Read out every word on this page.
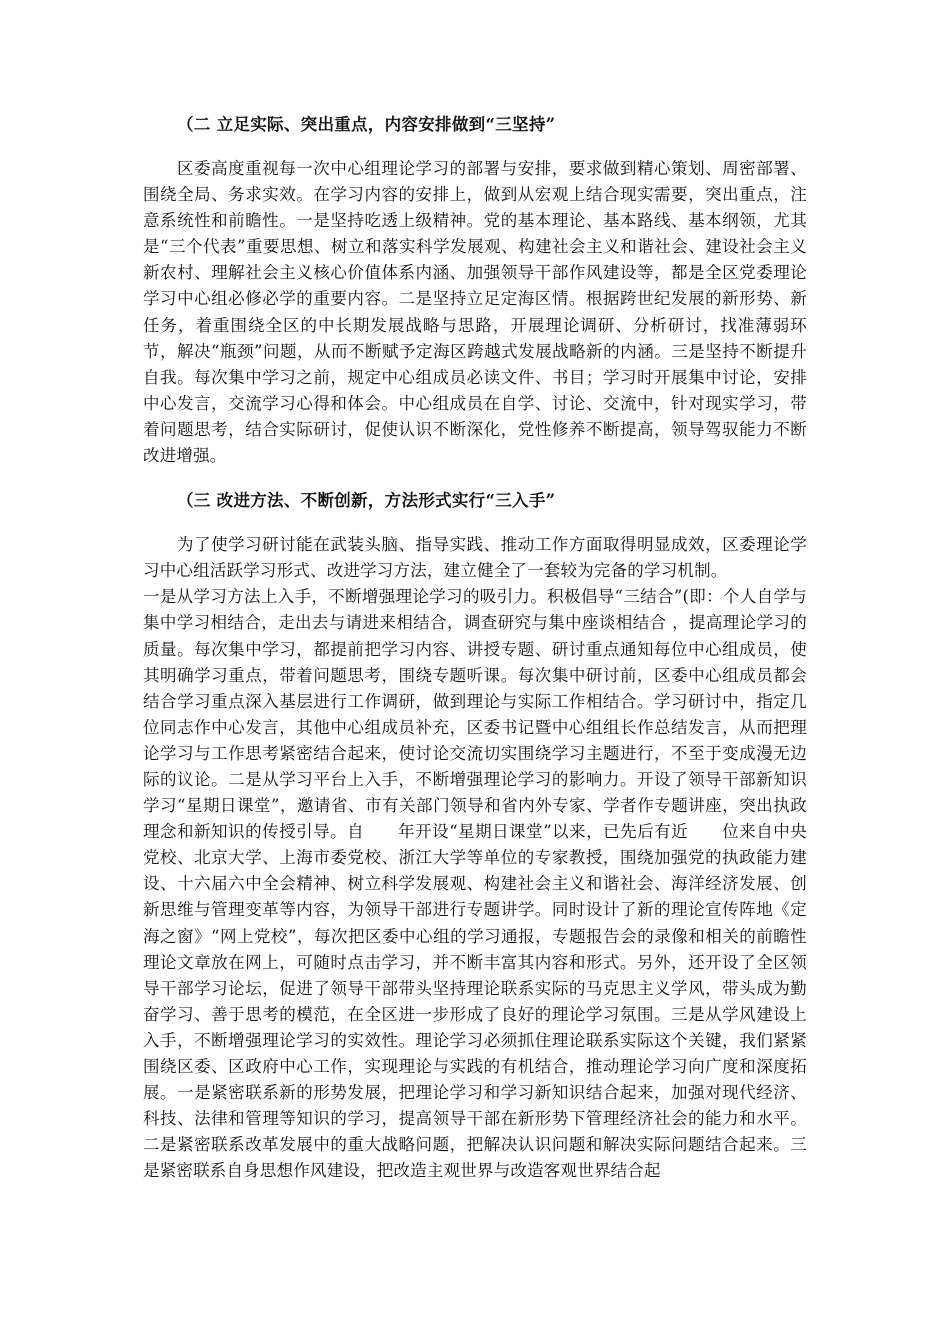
（二 立足实际、突出重点，内容安排做到“三坚持”

区委高度重视每一次中心组理论学习的部署与安排，要求做到精心策划、周密部署、围绕全局、务求实效。在学习内容的安排上，做到从宏观上结合现实需要，突出重点，注意系统性和前瞻性。一是坚持吃透上级精神。党的基本理论、基本路线、基本纲领，尤其是“三个代表”重要思想、树立和落实科学发展观、构建社会主义和谐社会、建设社会主义新农村、理解社会主义核心价值体系内涵、加强领导干部作风建设等，都是全区党委理论学习中心组必修必学的重要内容。二是坚持立足定海区情。根据跨世纪发展的新形势、新任务，着重围绕全区的中长期发展战略与思路，开展理论调研、分析研讨，找准薄弱环节，解决“瓶颈”问题，从而不断赋予定海区跨越式发展战略新的内涵。三是坚持不断提升自我。每次集中学习之前，规定中心组成员必读文件、书目；学习时开展集中讨论，安排中心发言，交流学习心得和体会。中心组成员在自学、讨论、交流中，针对现实学习，带着问题思考，结合实际研讨，促使认识不断深化，党性修养不断提高，领导驾驭能力不断改进增强。

（三 改进方法、不断创新，方法形式实行“三入手”

为了使学习研讨能在武装头脑、指导实践、推动工作方面取得明显成效，区委理论学习中心组活跃学习形式、改进学习方法，建立健全了一套较为完备的学习机制。

一是从学习方法上入手，不断增强理论学习的吸引力。积极倡导“三结合”(即：个人自学与集中学习相结合，走出去与请进来相结合，调查研究与集中座谈相结合 ，提高理论学习的质量。每次集中学习，都提前把学习内容、讲授专题、研讨重点通知每位中心组成员，使其明确学习重点，带着问题思考，围绕专题听课。每次集中研讨前，区委中心组成员都会结合学习重点深入基层进行工作调研，做到理论与实际工作相结合。学习研讨中，指定几位同志作中心发言，其他中心组成员补充，区委书记暨中心组组长作总结发言，从而把理论学习与工作思考紧密结合起来，使讨论交流切实围绕学习主题进行，不至于变成漫无边际的议论。二是从学习平台上入手，不断增强理论学习的影响力。开设了领导干部新知识学习“星期日课堂”，邀请省、市有关部门领导和省内外专家、学者作专题讲座，突出执政理念和新知识的传授引导。自　　年开设“星期日课堂”以来，已先后有近　　位来自中央党校、北京大学、上海市委党校、浙江大学等单位的专家教授，围绕加强党的执政能力建设、十六届六中全会精神、树立科学发展观、构建社会主义和谐社会、海洋经济发展、创新思维与管理变革等内容，为领导干部进行专题讲学。同时设计了新的理论宣传阵地《定海之窗》“网上党校”，每次把区委中心组的学习通报，专题报告会的录像和相关的前瞻性理论文章放在网上，可随时点击学习，并不断丰富其内容和形式。另外，还开设了全区领导干部学习论坛，促进了领导干部带头坚持理论联系实际的马克思主义学风，带头成为勤奋学习、善于思考的模范，在全区进一步形成了良好的理论学习氛围。三是从学风建设上入手，不断增强理论学习的实效性。理论学习必须抓住理论联系实际这个关键，我们紧紧围绕区委、区政府中心工作，实现理论与实践的有机结合，推动理论学习向广度和深度拓展。一是紧密联系新的形势发展，把理论学习和学习新知识结合起来，加强对现代经济、科技、法律和管理等知识的学习，提高领导干部在新形势下管理经济社会的能力和水平。二是紧密联系改革发展中的重大战略问题，把解决认识问题和解决实际问题结合起来。三是紧密联系自身思想作风建设，把改造主观世界与改造客观世界结合起
